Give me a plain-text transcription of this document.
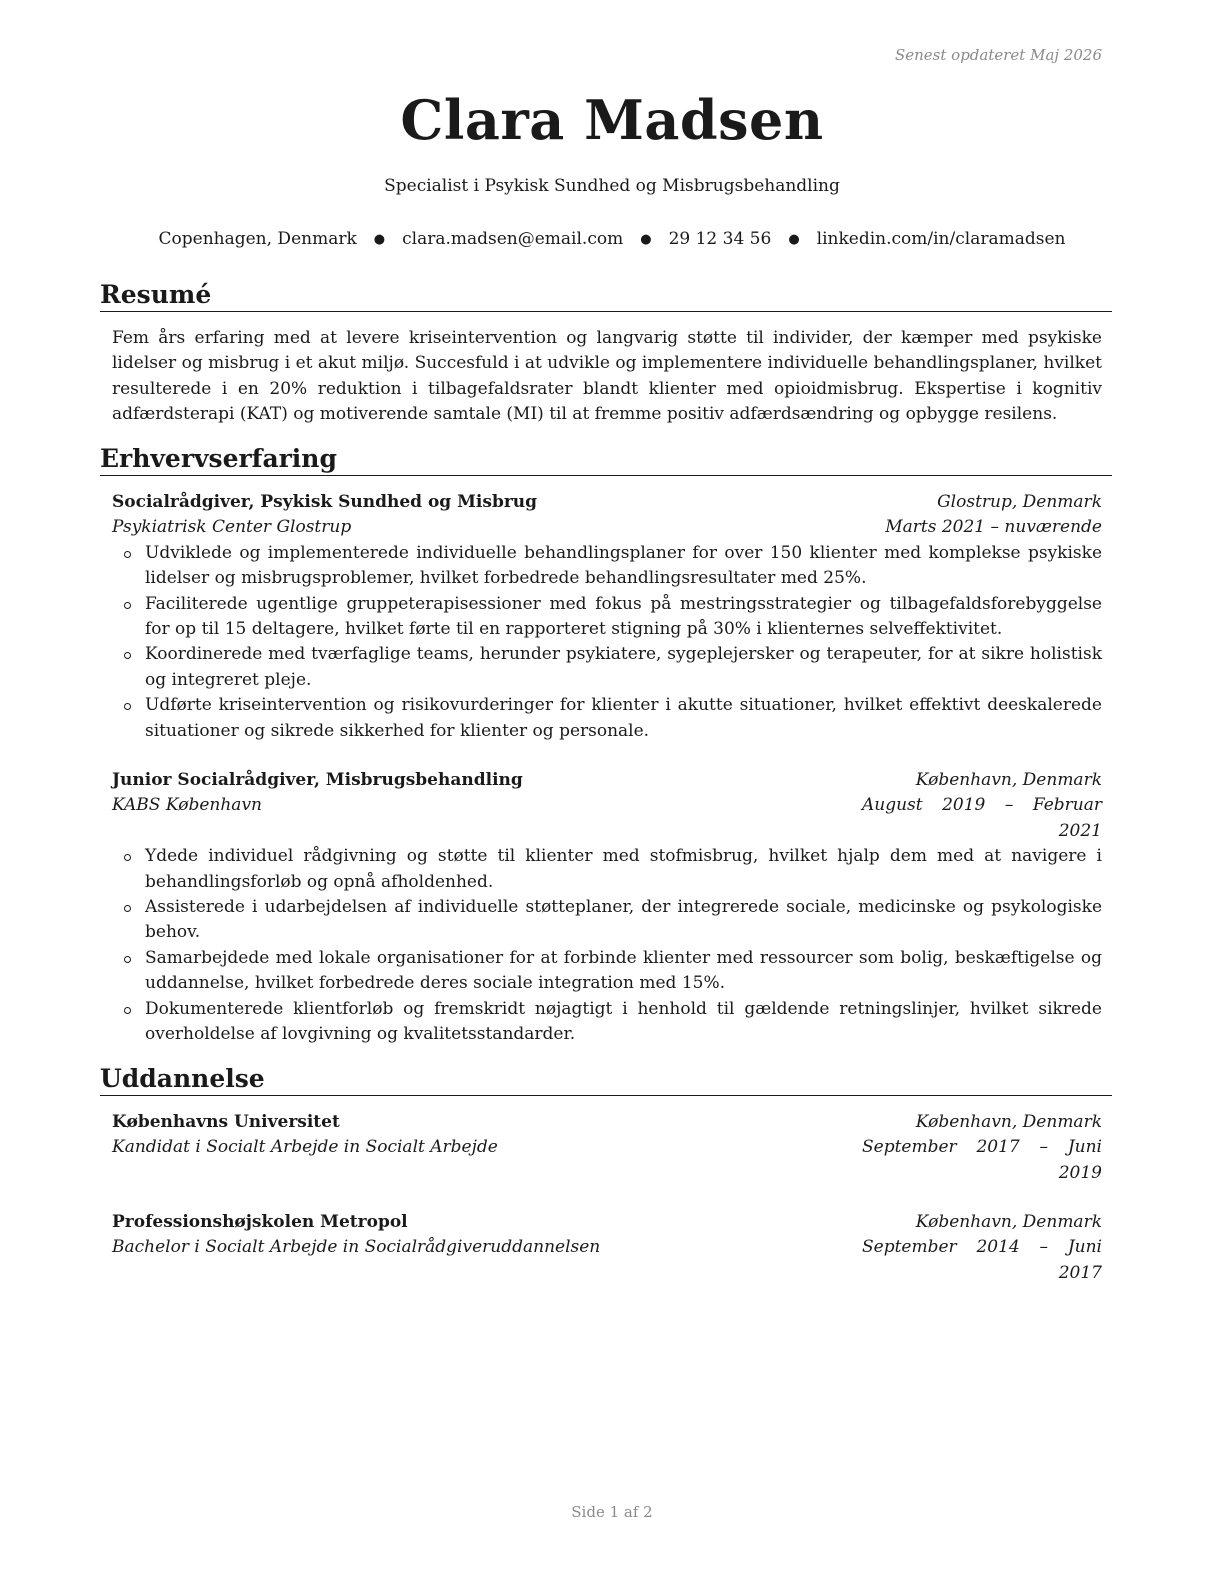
Senest opdateret Maj 2026
Clara Madsen
Specialist i Psykisk Sundhed og Misbrugsbehandling
Copenhagen, Denmark ● clara.madsen@email.com ● 29 12 34 56 ● linkedin.com/in/claramadsen
Resumé
Fem års erfaring med at levere kriseintervention og langvarig støtte til individer, der kæmper med psykiske lidelser og misbrug i et akut miljø. Succesfuld i at udvikle og implementere individuelle behandlingsplaner, hvilket resulterede i en 20% reduktion i tilbagefaldsrater blandt klienter med opioidmisbrug. Ekspertise i kognitiv adfærdsterapi (KAT) og motiverende samtale (MI) til at fremme positiv adfærdsændring og opbygge resilens.
Erhvervserfaring
Socialrådgiver, Psykisk Sundhed og Misbrug	Glostrup, Denmark
Psykiatrisk Center Glostrup	Marts 2021 – nuværende
Udviklede og implementerede individuelle behandlingsplaner for over 150 klienter med komplekse psykiske lidelser og misbrugsproblemer, hvilket forbedrede behandlingsresultater med 25%.
Faciliterede ugentlige gruppeterapisessioner med fokus på mestringsstrategier og tilbagefaldsforebyggelse for op til 15 deltagere, hvilket førte til en rapporteret stigning på 30% i klienternes selveffektivitet.
Koordinerede med tværfaglige teams, herunder psykiatere, sygeplejersker og terapeuter, for at sikre holistisk og integreret pleje.
Udførte kriseintervention og risikovurderinger for klienter i akutte situationer, hvilket effektivt deeskalerede situationer og sikrede sikkerhed for klienter og personale.
Junior Socialrådgiver, Misbrugsbehandling	København, Denmark
KABS København	August 2019 – Februar 2021
Ydede individuel rådgivning og støtte til klienter med stofmisbrug, hvilket hjalp dem med at navigere i behandlingsforløb og opnå afholdenhed.
Assisterede i udarbejdelsen af individuelle støtteplaner, der integrerede sociale, medicinske og psykologiske behov.
Samarbejdede med lokale organisationer for at forbinde klienter med ressourcer som bolig, beskæftigelse og uddannelse, hvilket forbedrede deres sociale integration med 15%.
Dokumenterede klientforløb og fremskridt nøjagtigt i henhold til gældende retningslinjer, hvilket sikrede overholdelse af lovgivning og kvalitetsstandarder.
Uddannelse
Københavns Universitet	København, Denmark
Kandidat i Socialt Arbejde in Socialt Arbejde	September 2017 – Juni 2019
Professionshøjskolen Metropol	København, Denmark
Bachelor i Socialt Arbejde in Socialrådgiveruddannelsen	September 2014 – Juni 2017
Side 1 af 2
